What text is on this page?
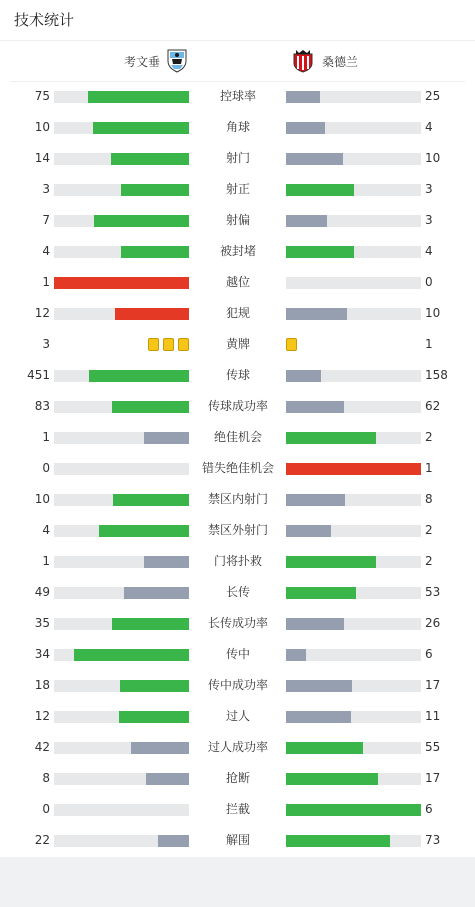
技术统计
考文垂	桑德兰
75	控球率	25
10	角球	4
14	射门	10
3	射正	3
7	射偏	3
4	被封堵	4
1	越位	0
12	犯规	10
3	黄牌	1
451	传球	158
83	传球成功率	62
1	绝佳机会	2
0	错失绝佳机会	1
10	禁区内射门	8
4	禁区外射门	2
1	门将扑救	2
49	长传	53
35	长传成功率	26
34	传中	6
18	传中成功率	17
12	过人	11
42	过人成功率	55
8	抢断	17
0	拦截	6
22	解围	73
